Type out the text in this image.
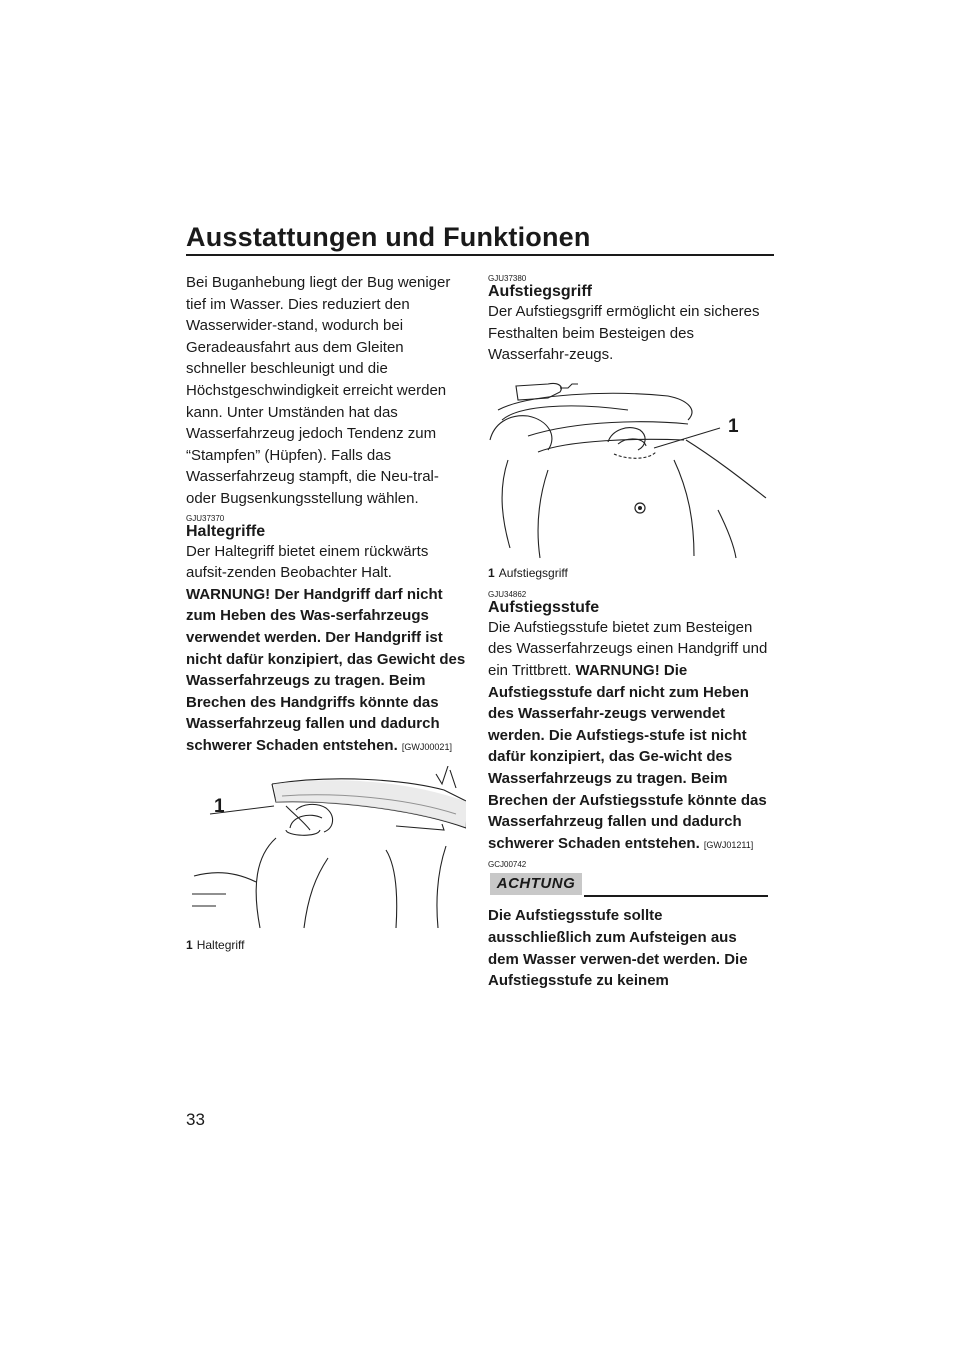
Ausstattungen und Funktionen

Bei Buganhebung liegt der Bug weniger tief im Wasser. Dies reduziert den Wasserwider-stand, wodurch bei Geradeausfahrt aus dem Gleiten schneller beschleunigt und die Höchstgeschwindigkeit erreicht werden kann. Unter Umständen hat das Wasserfahrzeug jedoch Tendenz zum “Stampfen” (Hüpfen). Falls das Wasserfahrzeug stampft, die Neu-tral- oder Bugsenkungsstellung wählen.

GJU37370
Haltegriffe

Der Haltegriff bietet einem rückwärts aufsit-zenden Beobachter Halt. WARNUNG! Der Handgriff darf nicht zum Heben des Was-serfahrzeugs verwendet werden. Der Handgriff ist nicht dafür konzipiert, das Gewicht des Wasserfahrzeugs zu tragen. Beim Brechen des Handgriffs könnte das Wasserfahrzeug fallen und dadurch schwerer Schaden entstehen. [GWJ00021]

1
1 Haltegriff
GJU37380
Aufstiegsgriff

Der Aufstiegsgriff ermöglicht ein sicheres Festhalten beim Besteigen des Wasserfahr-zeugs.

1
1 Aufstiegsgriff
GJU34862
Aufstiegsstufe

Die Aufstiegsstufe bietet zum Besteigen des Wasserfahrzeugs einen Handgriff und ein Trittbrett. WARNUNG! Die Aufstiegsstufe darf nicht zum Heben des Wasserfahr-zeugs verwendet werden. Die Aufstiegs-stufe ist nicht dafür konzipiert, das Ge-wicht des Wasserfahrzeugs zu tragen. Beim Brechen der Aufstiegsstufe könnte das Wasserfahrzeug fallen und dadurch schwerer Schaden entstehen. [GWJ01211]

GCJ00742
ACHTUNG

Die Aufstiegsstufe sollte ausschließlich zum Aufsteigen aus dem Wasser verwen-det werden. Die Aufstiegsstufe zu keinem

33
